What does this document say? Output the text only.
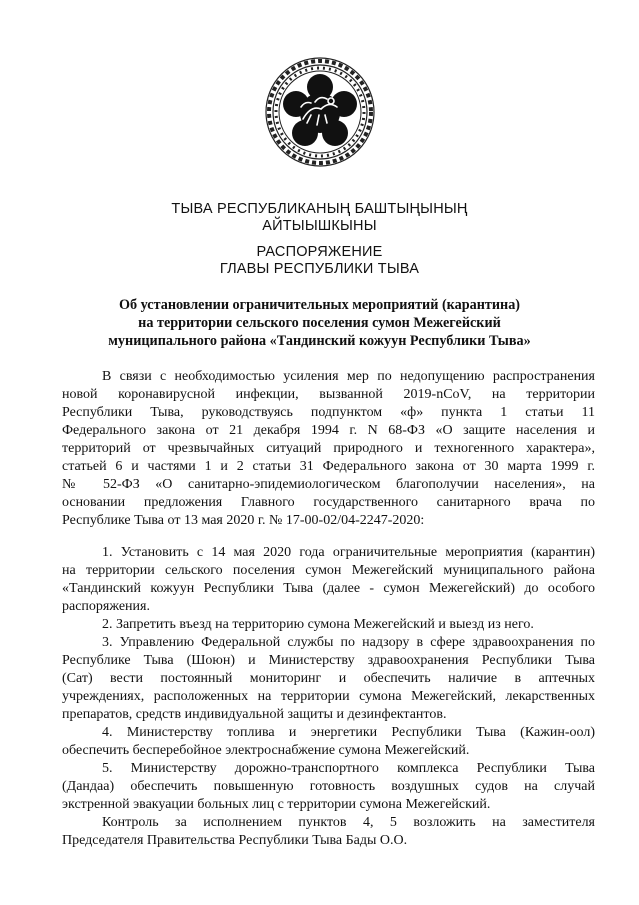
ТЫВА РЕСПУБЛИКАНЫҢ БАШТЫҢЫНЫҢ
АЙТЫЫШКЫНЫ
РАСПОРЯЖЕНИЕ
ГЛАВЫ РЕСПУБЛИКИ ТЫВА
Об установлении ограничительных мероприятий (карантина)
на территории сельского поселения сумон Межегейский
муниципального района «Тандинский кожуун Республики Тыва»
В связи с необходимостью усиления мер по недопущению распространения
новой коронавирусной инфекции, вызванной 2019-nCoV, на территории
Республики Тыва, руководствуясь подпунктом «ф» пункта 1 статьи 11
Федерального закона от 21 декабря 1994 г. N 68-ФЗ «О защите населения и
территорий от чрезвычайных ситуаций природного и техногенного характера»,
статьей 6 и частями 1 и 2 статьи 31 Федерального закона от 30 марта 1999 г.
№ 52-ФЗ «О санитарно-эпидемиологическом благополучии населения», на
основании предложения Главного государственного санитарного врача по
Республике Тыва от 13 мая 2020 г. № 17-00-02/04-2247-2020:
1. Установить с 14 мая 2020 года ограничительные мероприятия (карантин)
на территории сельского поселения сумон Межегейский муниципального района
«Тандинский кожуун Республики Тыва (далее - сумон Межегейский) до особого
распоряжения.
2. Запретить въезд на территорию сумона Межегейский и выезд из него.
3. Управлению Федеральной службы по надзору в сфере здравоохранения по
Республике Тыва (Шоюн) и Министерству здравоохранения Республики Тыва
(Сат) вести постоянный мониторинг и обеспечить наличие в аптечных
учреждениях, расположенных на территории сумона Межегейский, лекарственных
препаратов, средств индивидуальной защиты и дезинфектантов.
4. Министерству топлива и энергетики Республики Тыва (Кажин-оол)
обеспечить бесперебойное электроснабжение сумона Межегейский.
5. Министерству дорожно-транспортного комплекса Республики Тыва
(Дандаа) обеспечить повышенную готовность воздушных судов на случай
экстренной эвакуации больных лиц с территории сумона Межегейский.
Контроль за исполнением пунктов 4, 5 возложить на заместителя
Председателя Правительства Республики Тыва Бады О.О.
